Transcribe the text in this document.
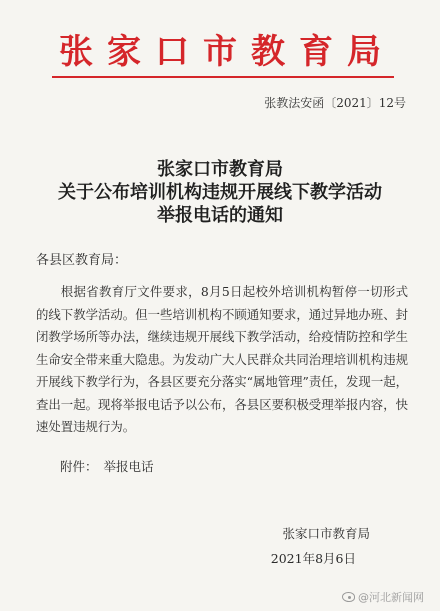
张家口市教育局
张教法安函〔2021〕12号
张家口市教育局
关于公布培训机构违规开展线下教学活动
举报电话的通知
各县区教育局：
根据省教育厅文件要求，8月5日起校外培训机构暂停一切形式的线下教学活动。但一些培训机构不顾通知要求，通过异地办班、封闭教学场所等办法，继续违规开展线下教学活动，给疫情防控和学生生命安全带来重大隐患。为发动广大人民群众共同治理培训机构违规开展线下教学行为，各县区要充分落实“属地管理”责任，发现一起，查出一起。现将举报电话予以公布，各县区要积极受理举报内容，快速处置违规行为。
附件： 举报电话
张家口市教育局
2021年8月6日
@河北新闻网
